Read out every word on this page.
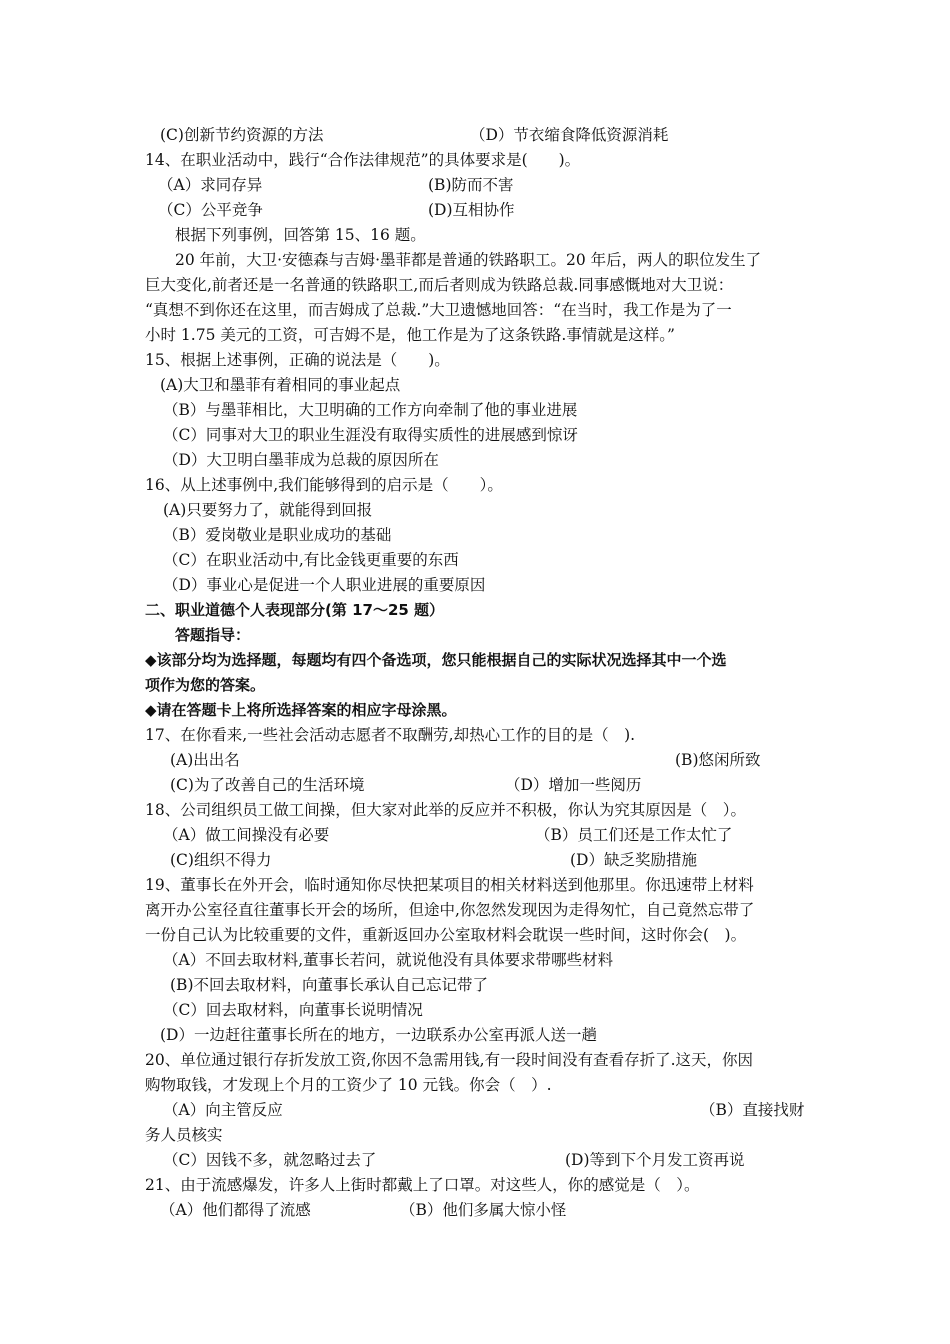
(C)创新节约资源的方法	（D）节衣缩食降低资源消耗
14、在职业活动中，践行“合作法律规范”的具体要求是(　　)。
（A）求同存异	(B)防而不害
（C）公平竞争	(D)互相协作
根据下列事例，回答第 15、16 题。
20 年前，大卫·安德森与吉姆·墨菲都是普通的铁路职工。20 年后，两人的职位发生了
巨大变化,前者还是一名普通的铁路职工,而后者则成为铁路总裁.同事感慨地对大卫说：
“真想不到你还在这里，而吉姆成了总裁.”大卫遗憾地回答：“在当时，我工作是为了一
小时 1.75 美元的工资，可吉姆不是，他工作是为了这条铁路.事情就是这样。”
15、根据上述事例，正确的说法是（　　)。
(A)大卫和墨菲有着相同的事业起点
（B）与墨菲相比，大卫明确的工作方向牵制了他的事业进展
（C）同事对大卫的职业生涯没有取得实质性的进展感到惊讶
（D）大卫明白墨菲成为总裁的原因所在
16、从上述事例中,我们能够得到的启示是（　　）。
(A)只要努力了，就能得到回报
（B）爱岗敬业是职业成功的基础
（C）在职业活动中,有比金钱更重要的东西
（D）事业心是促进一个人职业进展的重要原因
二、职业道德个人表现部分(第 17～25 题）
答题指导：
◆该部分均为选择题，每题均有四个备选项，您只能根据自己的实际状况选择其中一个选
项作为您的答案。
◆请在答题卡上将所选择答案的相应字母涂黑。
17、在你看来,一些社会活动志愿者不取酬劳,却热心工作的目的是（　).
(A)出出名	(B)悠闲所致
(C)为了改善自己的生活环境	（D）增加一些阅历
18、公司组织员工做工间操，但大家对此举的反应并不积极，你认为究其原因是（　）。
（A）做工间操没有必要	（B）员工们还是工作太忙了
(C)组织不得力	(D）缺乏奖励措施
19、董事长在外开会，临时通知你尽快把某项目的相关材料送到他那里。你迅速带上材料
离开办公室径直往董事长开会的场所，但途中,你忽然发现因为走得匆忙，自己竟然忘带了
一份自己认为比较重要的文件，重新返回办公室取材料会耽误一些时间，这时你会(　)。
（A）不回去取材料,董事长若问，就说他没有具体要求带哪些材料
(B)不回去取材料，向董事长承认自己忘记带了
（C）回去取材料，向董事长说明情况
(D）一边赶往董事长所在的地方，一边联系办公室再派人送一趟
20、单位通过银行存折发放工资,你因不急需用钱,有一段时间没有查看存折了.这天，你因
购物取钱，才发现上个月的工资少了 10 元钱。你会（　）.
（A）向主管反应	（B）直接找财
务人员核实
（C）因钱不多，就忽略过去了	(D)等到下个月发工资再说
21、由于流感爆发，许多人上街时都戴上了口罩。对这些人，你的感觉是（　）。
（A）他们都得了流感	（B）他们多属大惊小怪
